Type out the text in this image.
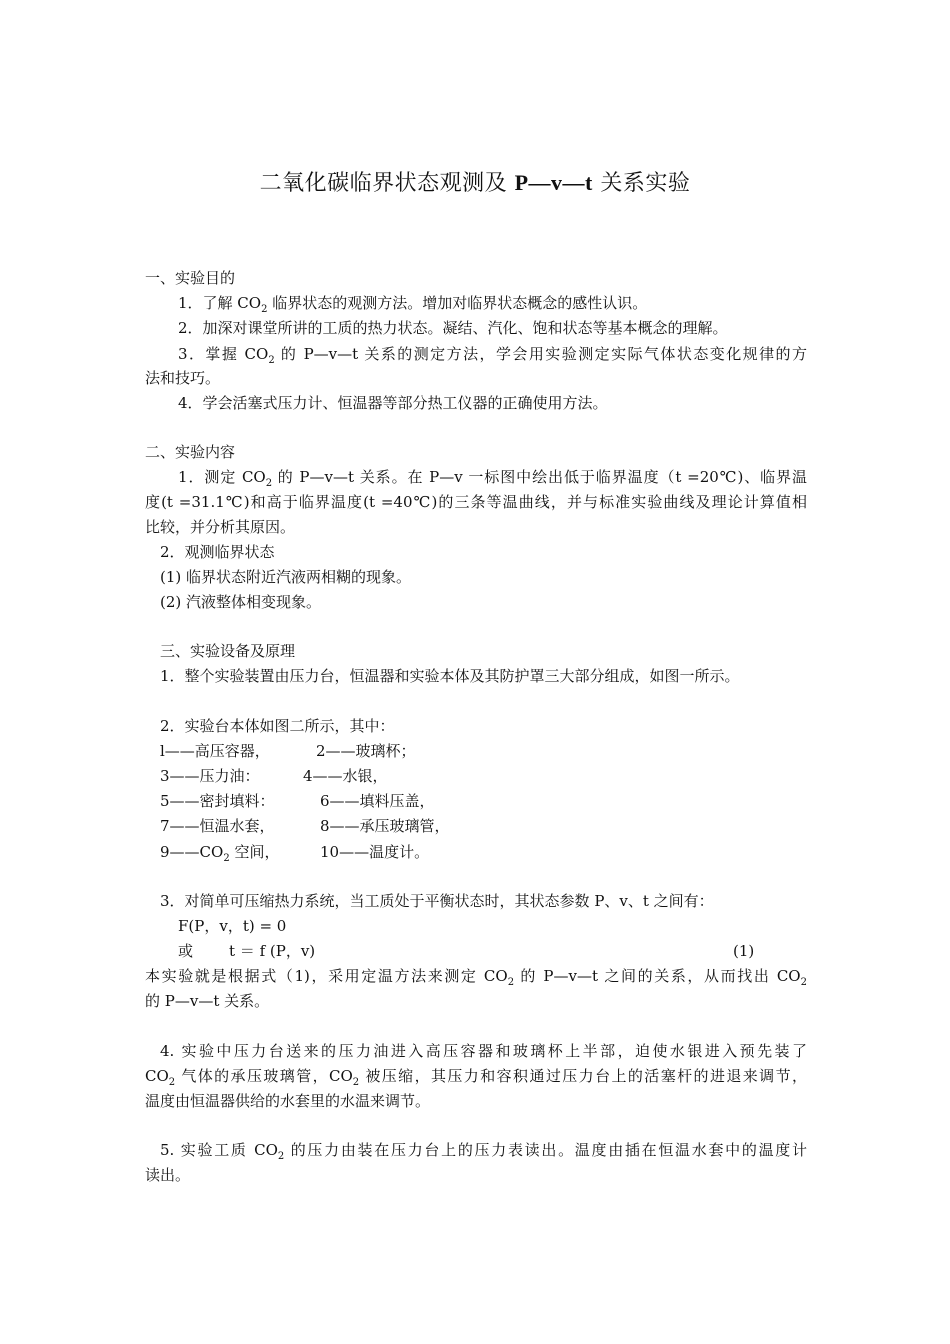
二氧化碳临界状态观测及 P—v—t 关系实验
一、实验目的
1．了解 $CO_2$ 临界状态的观测方法。增加对临界状态概念的感性认识。
2．加深对课堂所讲的工质的热力状态。凝结、汽化、饱和状态等基本概念的理解。
3．掌握 $CO_2$ 的 P—v—t 关系的测定方法，学会用实验测定实际气体状态变化规律的方
法和技巧。
4．学会活塞式压力计、恒温器等部分热工仪器的正确使用方法。
二、实验内容
1．测定 $CO_2$ 的 P—v—t 关系。在 P—v 一标图中绘出低于临界温度（t =20℃)、临界温
度(t =31.1℃)和高于临界温度(t =40℃)的三条等温曲线，并与标准实验曲线及理论计算值相
比较，并分析其原因。
2．观测临界状态
(1) 临界状态附近汽液两相糊的现象。
(2) 汽液整体相变现象。
三、实验设备及原理
1．整个实验装置由压力台，恒温器和实验本体及其防护罩三大部分组成，如图一所示。
2．实验台本体如图二所示，其中：
l——高压容器，	2——玻璃杯；
3——压力油：	4——水银，
5——密封填料：	6——填料压盖，
7——恒温水套，	8——承压玻璃管，
$9——CO_2$ 空间，	10——温度计。
3．对简单可压缩热力系统，当工质处于平衡状态时，其状态参数 P、v、t 之间有：
F(P，v，t) = 0
或 t ＝ f (P，v)	(1)
本实验就是根据式（1)，采用定温方法来测定 $CO_2$ 的 P—v—t 之间的关系，从而找出 $CO_2$
的 P—v—t 关系。
4. 实验中压力台送来的压力油进入高压容器和玻璃杯上半部，迫使水银进入预先装了
$CO_2$ 气体的承压玻璃管，$CO_2$ 被压缩，其压力和容积通过压力台上的活塞杆的进退来调节，
温度由恒温器供给的水套里的水温来调节。
5. 实验工质 $CO_2$ 的压力由装在压力台上的压力表读出。温度由插在恒温水套中的温度计
读出。
